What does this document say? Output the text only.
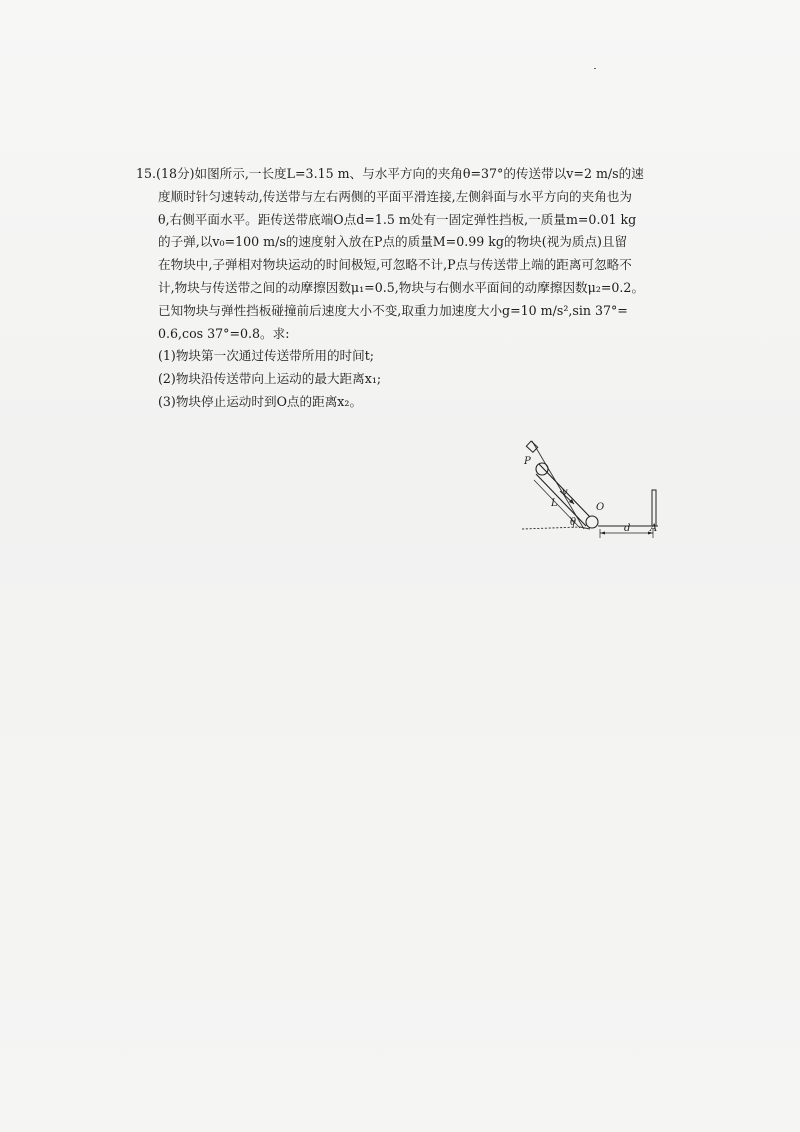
15.(18分)如图所示,一长度L=3.15 m、与水平方向的夹角θ=37°的传送带以v=2 m/s的速
度顺时针匀速转动,传送带与左右两侧的平面平滑连接,左侧斜面与水平方向的夹角也为
θ,右侧平面水平。距传送带底端O点d=1.5 m处有一固定弹性挡板,一质量m=0.01 kg
的子弹,以v₀=100 m/s的速度射入放在P点的质量M=0.99 kg的物块(视为质点)且留
在物块中,子弹相对物块运动的时间极短,可忽略不计,P点与传送带上端的距离可忽略不
计,物块与传送带之间的动摩擦因数μ₁=0.5,物块与右侧水平面间的动摩擦因数μ₂=0.2。
已知物块与弹性挡板碰撞前后速度大小不变,取重力加速度大小g=10 m/s²,sin 37°=
0.6,cos 37°=0.8。求:
(1)物块第一次通过传送带所用的时间t;
(2)物块沿传送带向上运动的最大距离x₁;
(3)物块停止运动时到O点的距离x₂。
P
L
v
O
θ
d A
